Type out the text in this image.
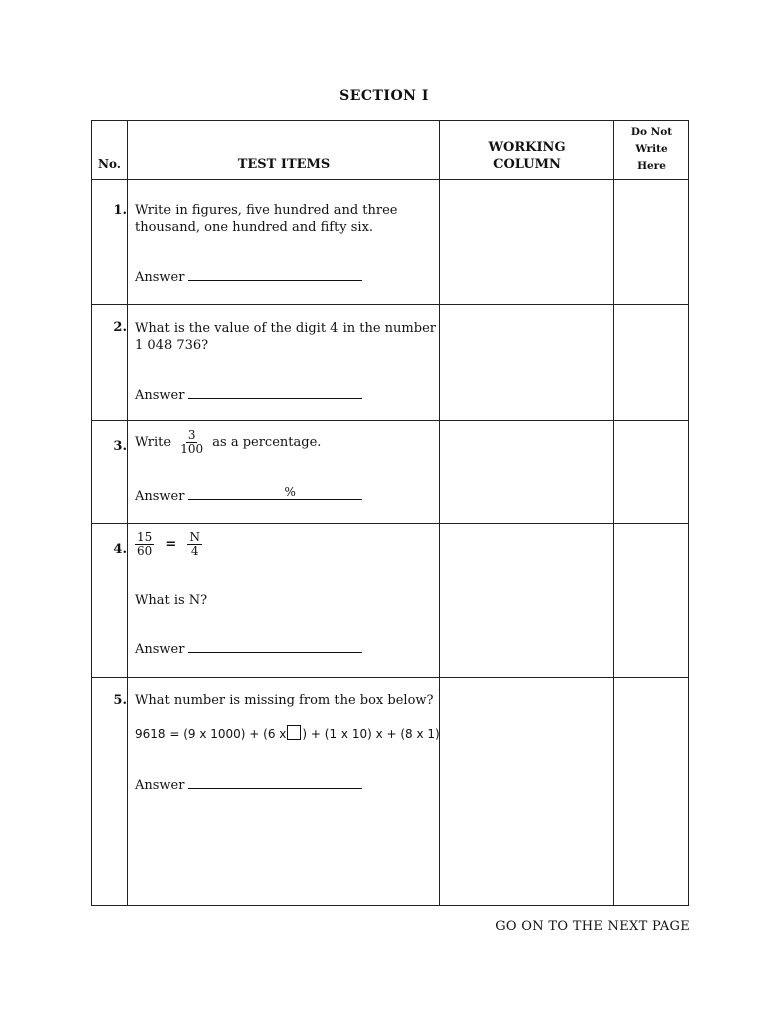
SECTION I
No.	TEST ITEMS
WORKING
COLUMN
Do Not
Write
Here
1. Write in figures, five hundred and three
thousand, one hundred and fifty six.
Answer
2. What is the value of the digit 4 in the number
1 048 736?
Answer
3. Write $\frac{3}{100}$ as a percentage.
Answer	%
4. $\frac{15}{60} = \frac{N}{4}$
What is N?
Answer
5. What number is missing from the box below?
9618 = (9 x 1000) + (6 x ) + (1 x 10) x + (8 x 1)
Answer
GO ON TO THE NEXT PAGE
